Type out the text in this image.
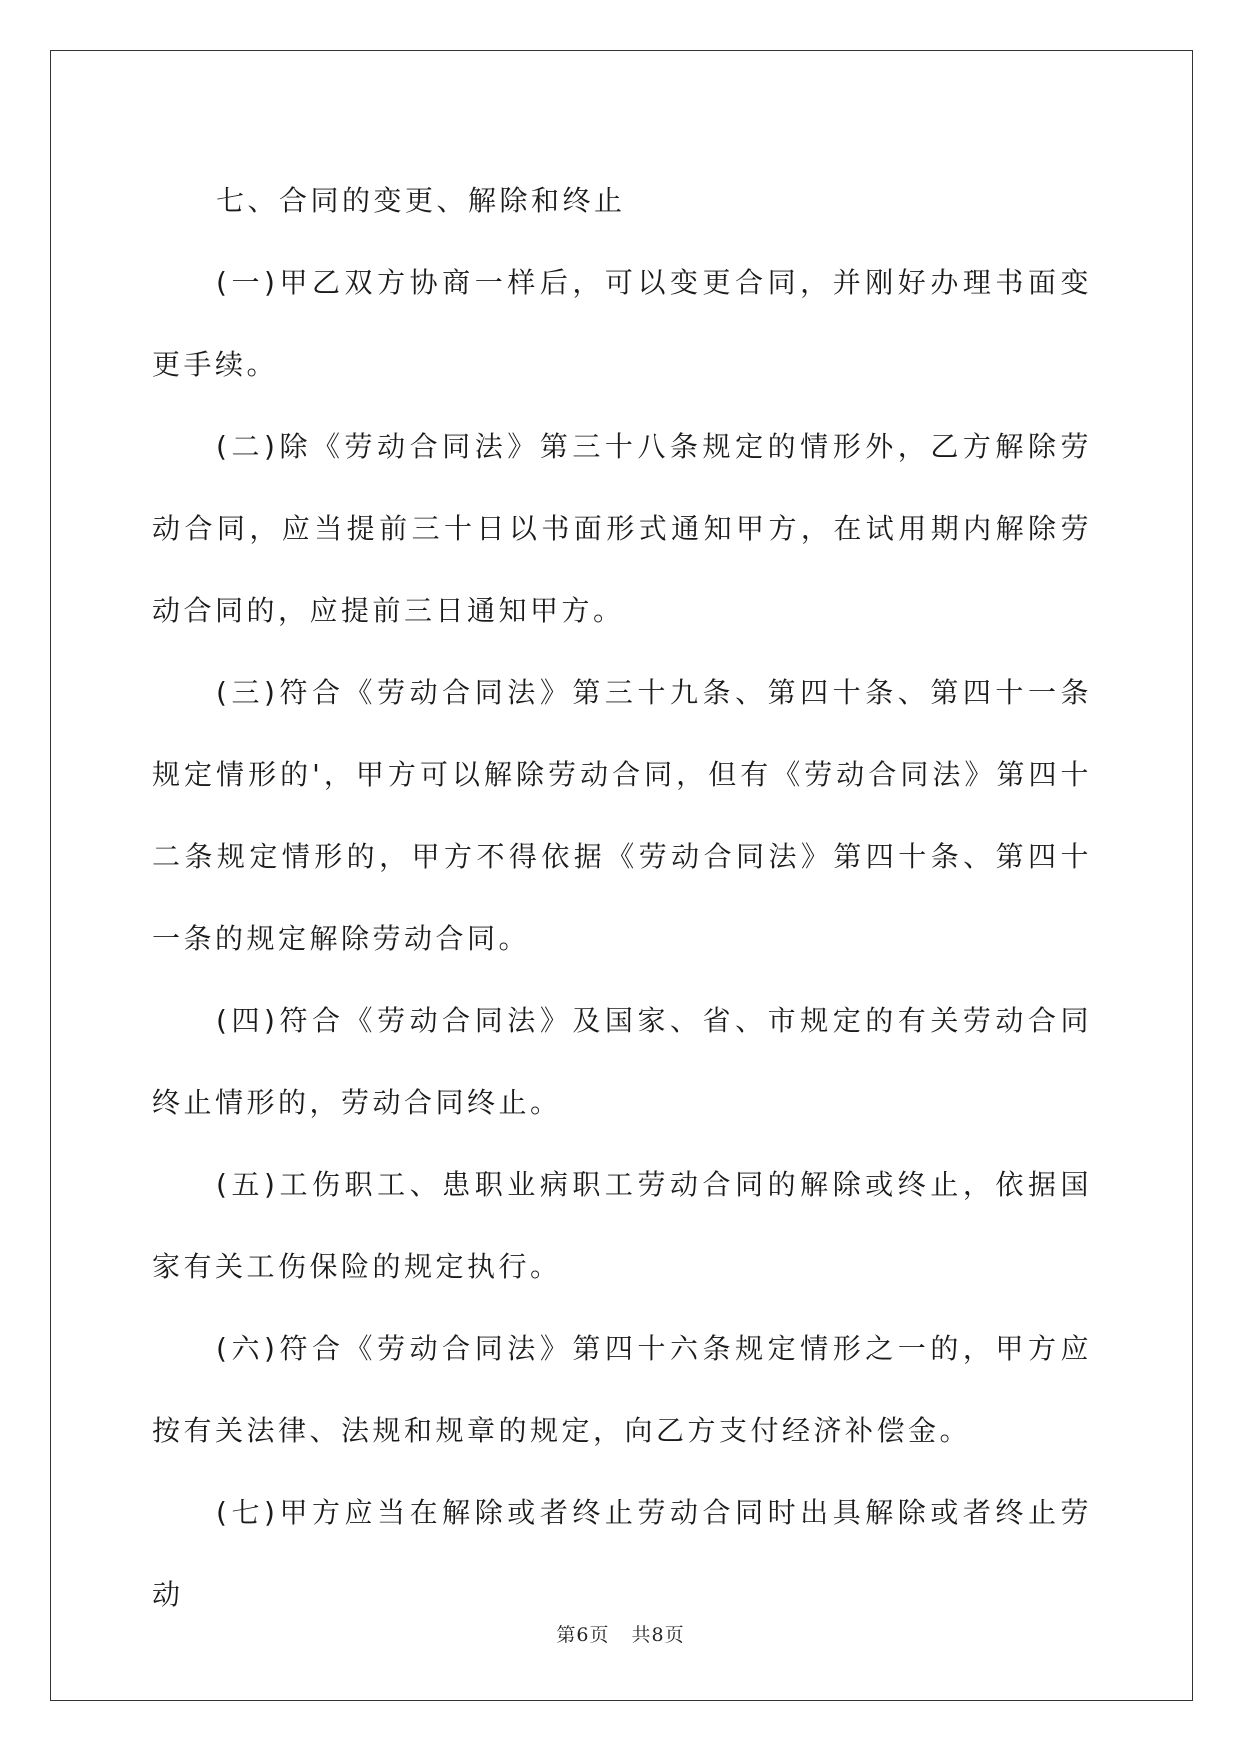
七、合同的变更、解除和终止

(一)甲乙双方协商一样后，可以变更合同，并刚好办理书面变更手续。

(二)除《劳动合同法》第三十八条规定的情形外，乙方解除劳动合同，应当提前三十日以书面形式通知甲方，在试用期内解除劳动合同的，应提前三日通知甲方。

(三)符合《劳动合同法》第三十九条、第四十条、第四十一条规定情形的'，甲方可以解除劳动合同，但有《劳动合同法》第四十二条规定情形的，甲方不得依据《劳动合同法》第四十条、第四十一条的规定解除劳动合同。

(四)符合《劳动合同法》及国家、省、市规定的有关劳动合同终止情形的，劳动合同终止。

(五)工伤职工、患职业病职工劳动合同的解除或终止，依据国家有关工伤保险的规定执行。

(六)符合《劳动合同法》第四十六条规定情形之一的，甲方应按有关法律、法规和规章的规定，向乙方支付经济补偿金。

(七)甲方应当在解除或者终止劳动合同时出具解除或者终止劳动

第6页 共8页
